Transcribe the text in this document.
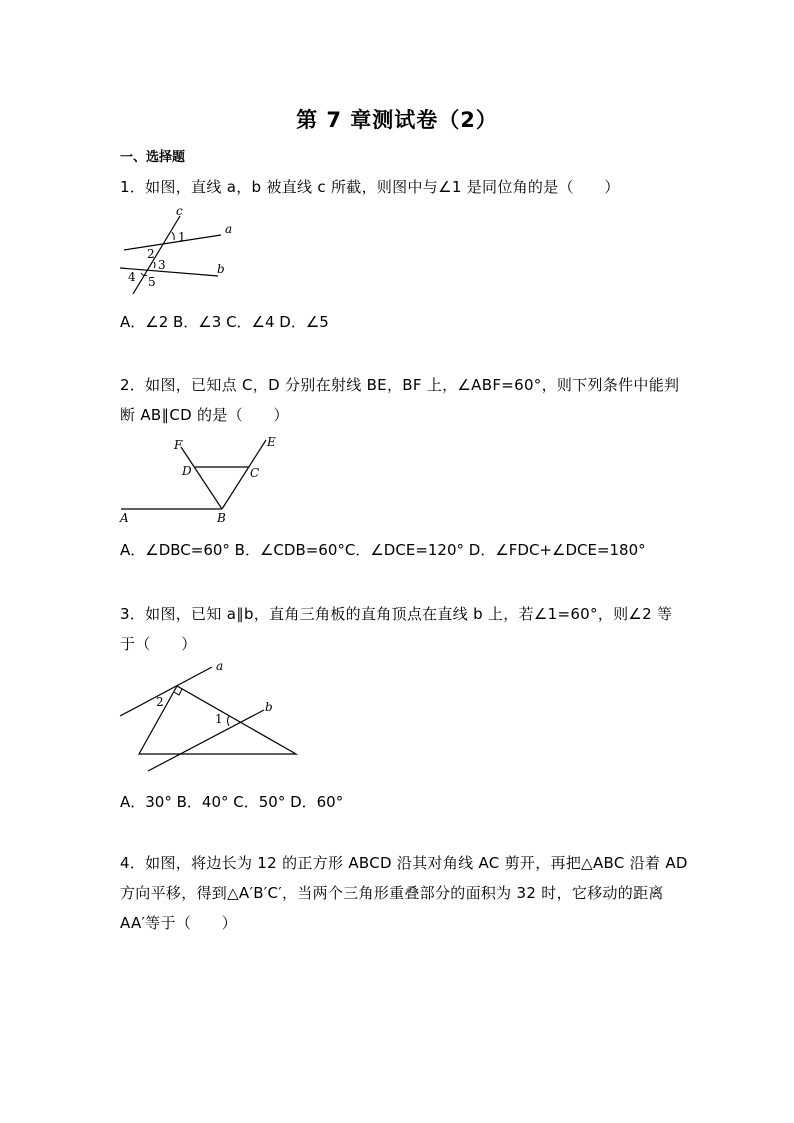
第 7 章测试卷（2）
一、选择题
1．如图，直线 a，b 被直线 c 所截，则图中与∠1 是同位角的是（　　）
c
a
b
1
2
3
4 5
A．∠2 B．∠3 C．∠4 D．∠5
2．如图，已知点 C，D 分别在射线 BE，BF 上，∠ABF=60°，则下列条件中能判
断 AB∥CD 的是（　　）
F	E
D	C
A	B
A．∠DBC=60° B．∠CDB=60°C．∠DCE=120° D．∠FDC+∠DCE=180°
3．如图，已知 a∥b，直角三角板的直角顶点在直线 b 上，若∠1=60°，则∠2 等
于（　　）
a
b
1
2
A．30° B．40° C．50° D．60°
4．如图，将边长为 12 的正方形 ABCD 沿其对角线 AC 剪开，再把△ABC 沿着 AD
方向平移，得到△A′B′C′，当两个三角形重叠部分的面积为 32 时，它移动的距离
AA′等于（　　）
